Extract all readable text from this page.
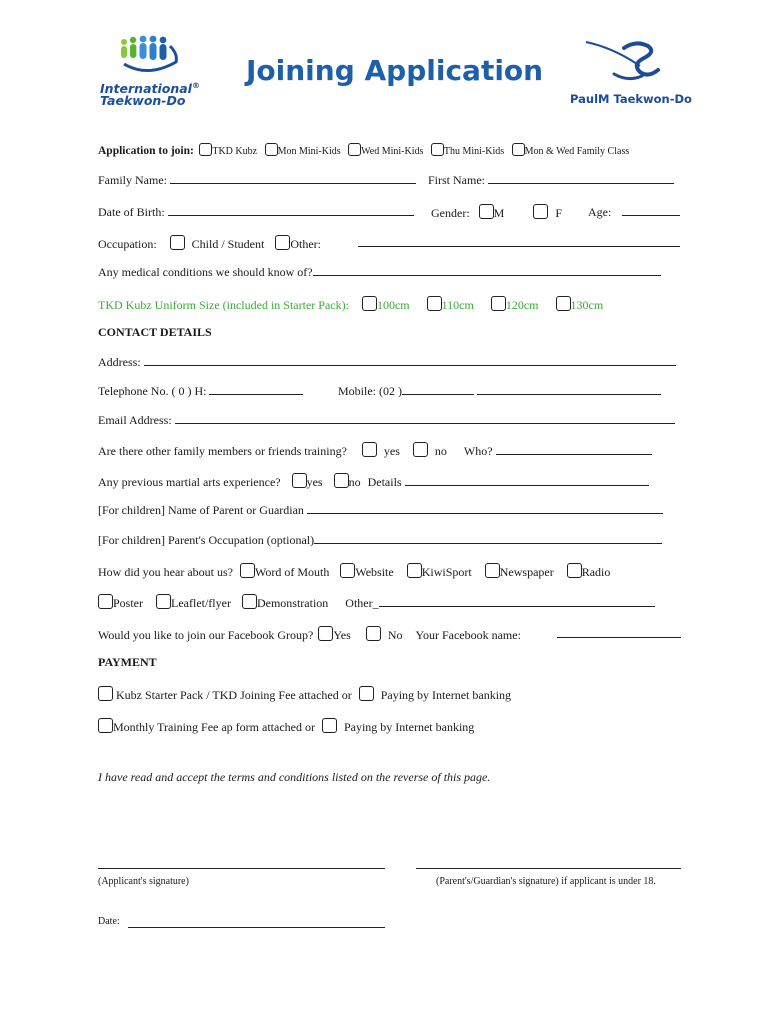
International®
Taekwon-Do
Joining Application
PaulM Taekwon-Do
Application to join: TKD Kubz Mon Mini-Kids Wed Mini-Kids Thu Mini-Kids Mon & Wed Family Class
Family Name:	First Name:
Date of Birth:	Gender: M	F Age:
Occupation:	Child / Student Other:
Any medical conditions we should know of?
TKD Kubz Uniform Size (included in Starter Pack): 100cm	110cm	120cm	130cm
CONTACT DETAILS
Address:
Telephone No. ( 0 ) H:	Mobile: (02 )
Email Address:
Are there other family members or friends training?	yes	no Who?
Any previous martial arts experience? yes no Details
[For children] Name of Parent or Guardian
[For children] Parent's Occupation (optional)
How did you hear about us? Word of Mouth Website KiwiSport Newspaper Radio
Poster Leaflet/flyer Demonstration Other_
Would you like to join our Facebook Group? Yes	No Your Facebook name:
PAYMENT
Kubz Starter Pack / TKD Joining Fee attached or Paying by Internet banking
Monthly Training Fee ap form attached or Paying by Internet banking
I have read and accept the terms and conditions listed on the reverse of this page.
(Applicant's signature)	(Parent's/Guardian's signature) if applicant is under 18.
Date:
